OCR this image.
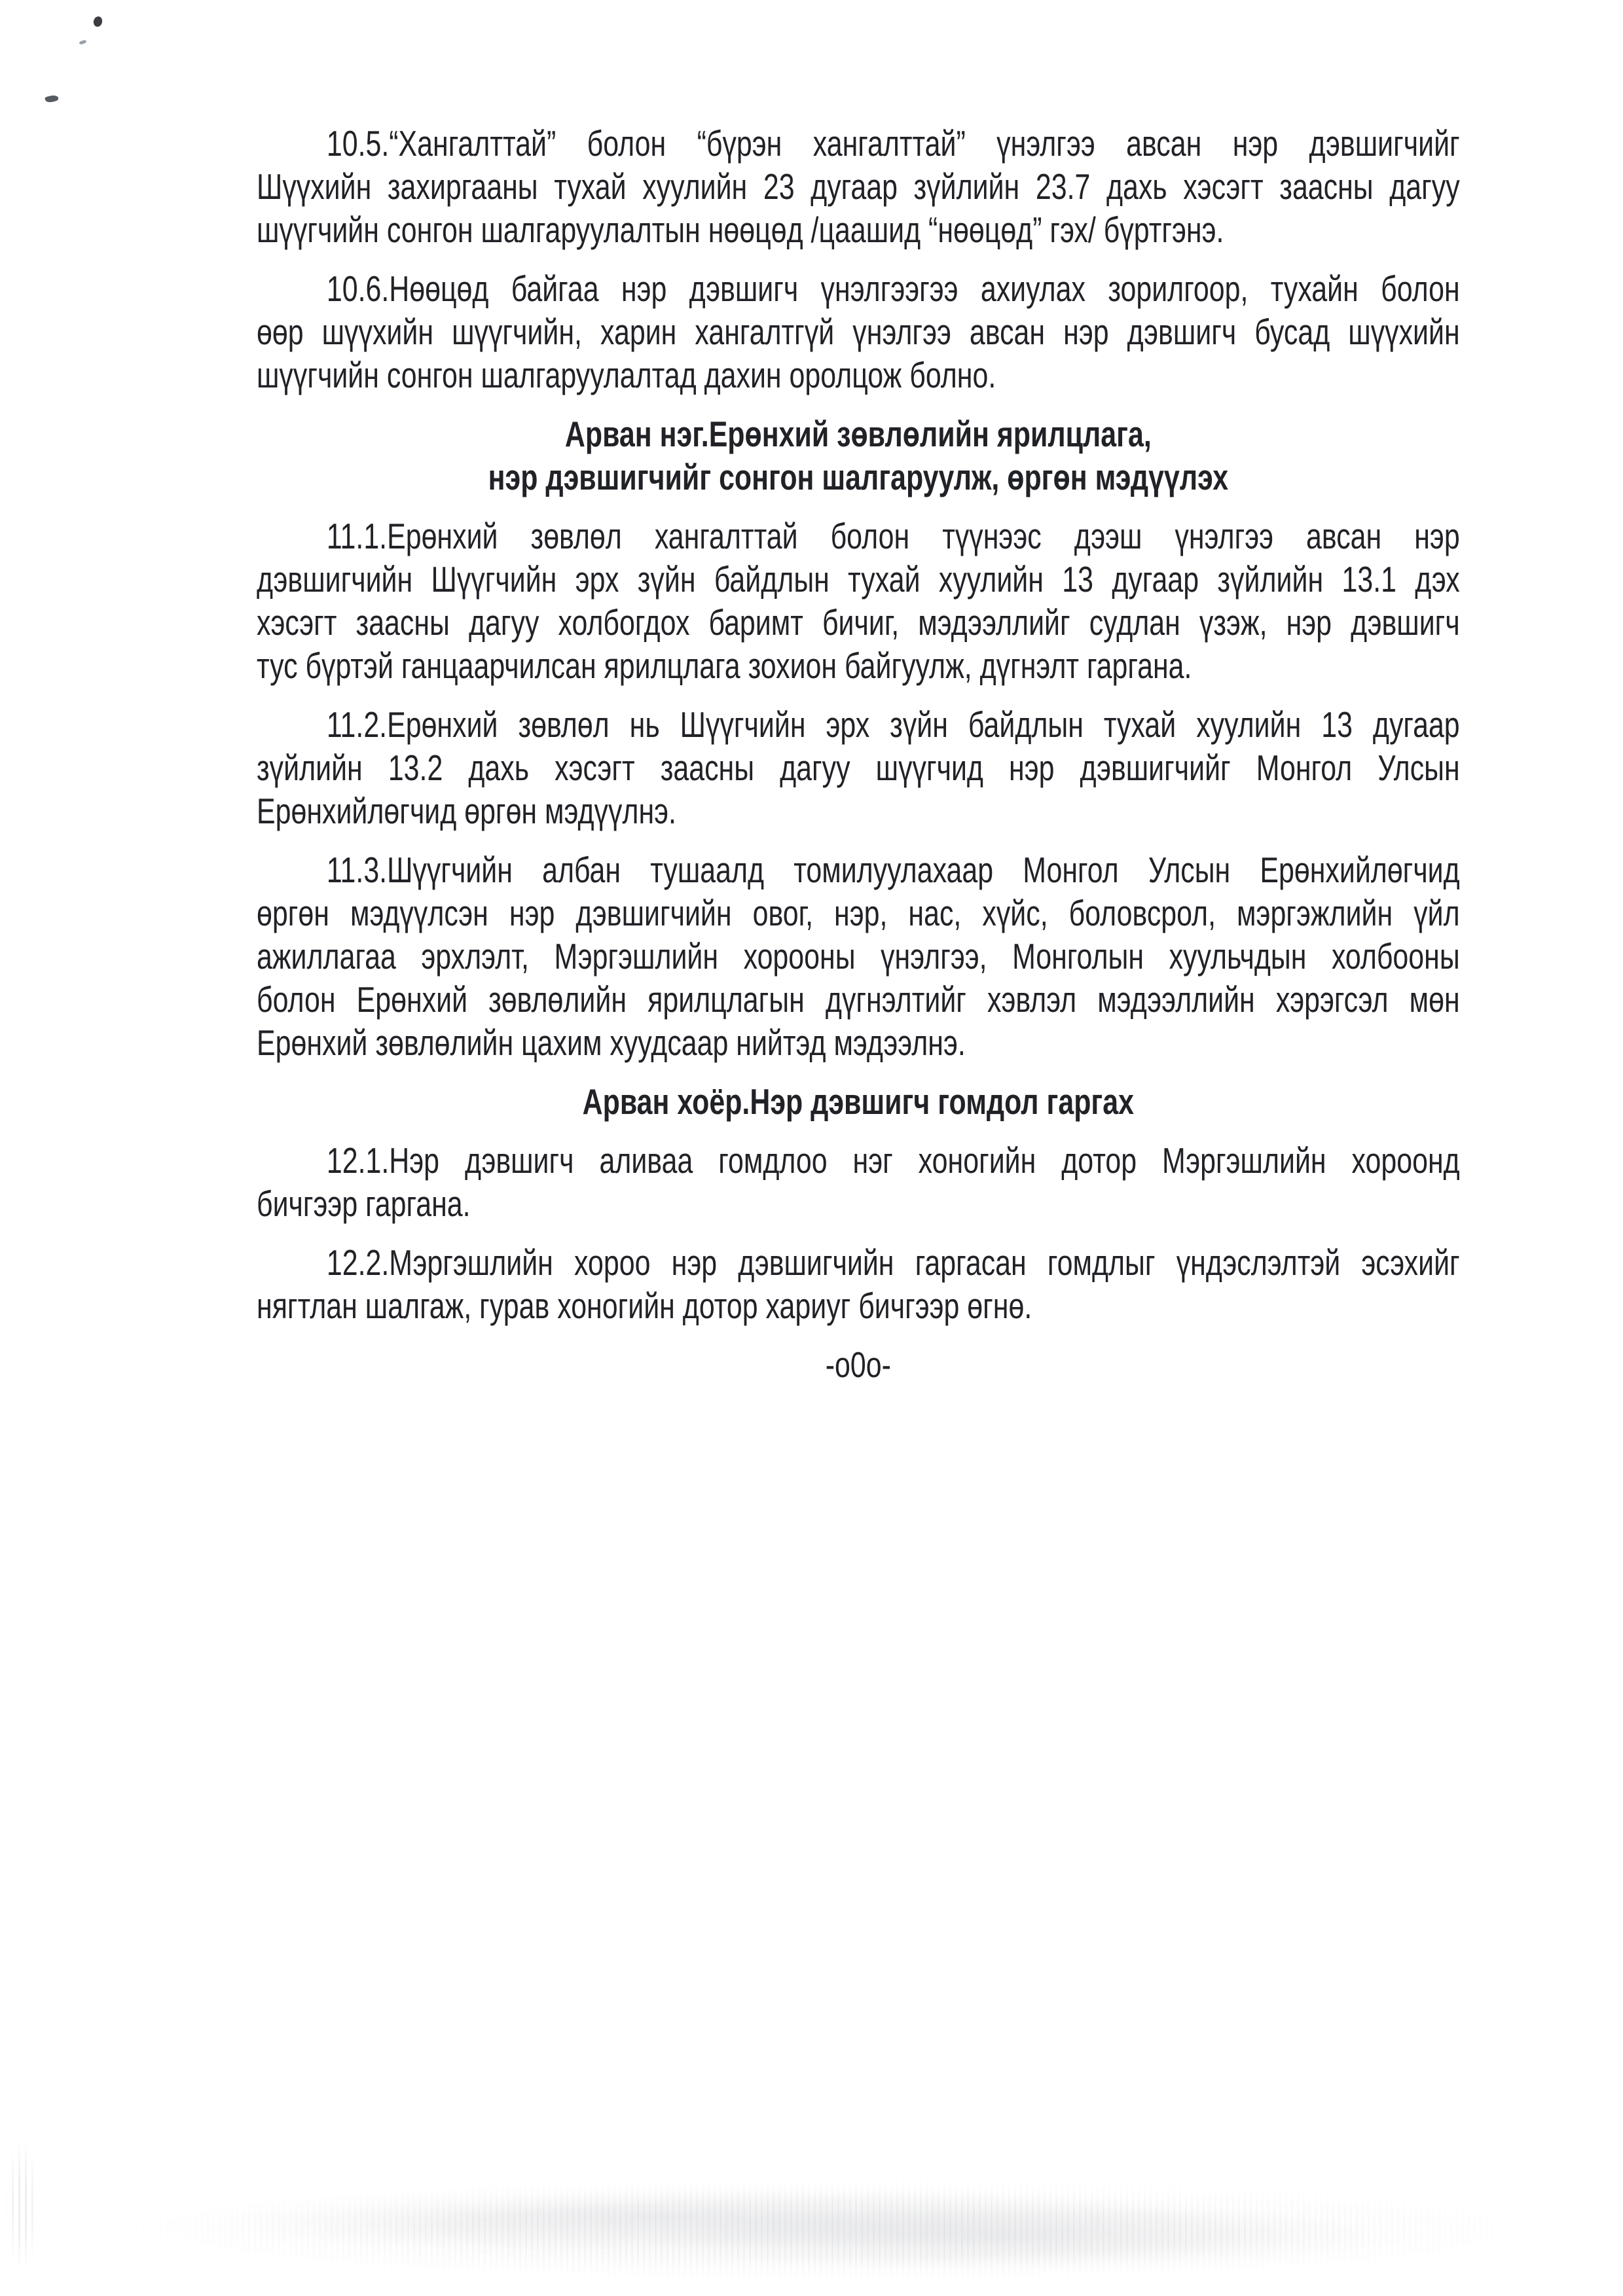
10.5.“Хангалттай” болон “бүрэн хангалттай” үнэлгээ авсан нэр дэвшигчийг
Шүүхийн захиргааны тухай хуулийн 23 дугаар зүйлийн 23.7 дахь хэсэгт заасны дагуу
шүүгчийн сонгон шалгаруулалтын нөөцөд /цаашид “нөөцөд” гэх/ бүртгэнэ.
10.6.Нөөцөд байгаа нэр дэвшигч үнэлгээгээ ахиулах зорилгоор, тухайн болон
өөр шүүхийн шүүгчийн, харин хангалтгүй үнэлгээ авсан нэр дэвшигч бусад шүүхийн
шүүгчийн сонгон шалгаруулалтад дахин оролцож болно.
Арван нэг.Ерөнхий зөвлөлийн ярилцлага,
нэр дэвшигчийг сонгон шалгаруулж, өргөн мэдүүлэх
11.1.Ерөнхий зөвлөл хангалттай болон түүнээс дээш үнэлгээ авсан нэр
дэвшигчийн Шүүгчийн эрх зүйн байдлын тухай хуулийн 13 дугаар зүйлийн 13.1 дэх
хэсэгт заасны дагуу холбогдох баримт бичиг, мэдээллийг судлан үзэж, нэр дэвшигч
тус бүртэй ганцаарчилсан ярилцлага зохион байгуулж, дүгнэлт гаргана.
11.2.Ерөнхий зөвлөл нь Шүүгчийн эрх зүйн байдлын тухай хуулийн 13 дугаар
зүйлийн 13.2 дахь хэсэгт заасны дагуу шүүгчид нэр дэвшигчийг Монгол Улсын
Ерөнхийлөгчид өргөн мэдүүлнэ.
11.3.Шүүгчийн албан тушаалд томилуулахаар Монгол Улсын Ерөнхийлөгчид
өргөн мэдүүлсэн нэр дэвшигчийн овог, нэр, нас, хүйс, боловсрол, мэргэжлийн үйл
ажиллагаа эрхлэлт, Мэргэшлийн хорооны үнэлгээ, Монголын хуульчдын холбооны
болон Ерөнхий зөвлөлийн ярилцлагын дүгнэлтийг хэвлэл мэдээллийн хэрэгсэл мөн
Ерөнхий зөвлөлийн цахим хуудсаар нийтэд мэдээлнэ.
Арван хоёр.Нэр дэвшигч гомдол гаргах
12.1.Нэр дэвшигч аливаа гомдлоо нэг хоногийн дотор Мэргэшлийн хороонд
бичгээр гаргана.
12.2.Мэргэшлийн хороо нэр дэвшигчийн гаргасан гомдлыг үндэслэлтэй эсэхийг
нягтлан шалгаж, гурав хоногийн дотор хариуг бичгээр өгнө.
-о0о-
